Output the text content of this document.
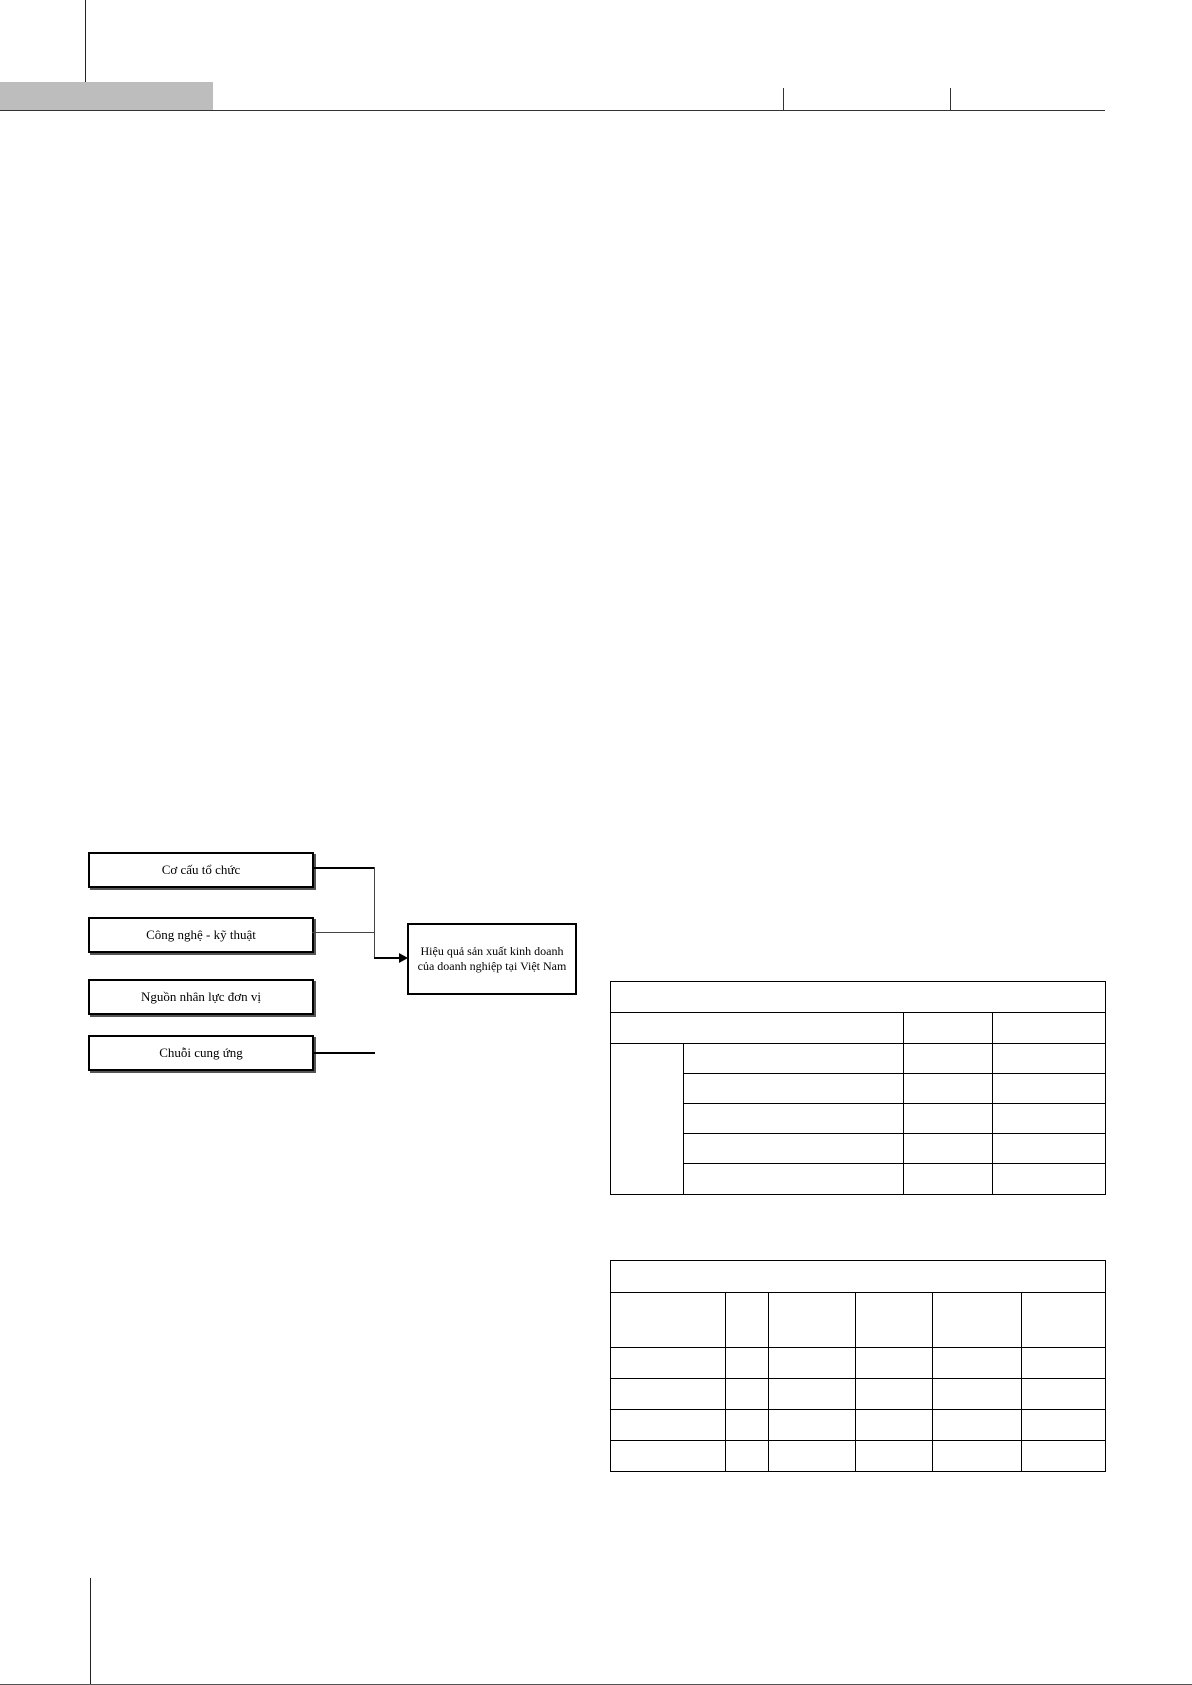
Cơ cấu tổ chức
Công nghệ - kỹ thuật
Nguồn nhân lực đơn vị
Chuỗi cung ứng
Hiệu quả sản xuất kinh doanh của doanh nghiệp tại Việt Nam
